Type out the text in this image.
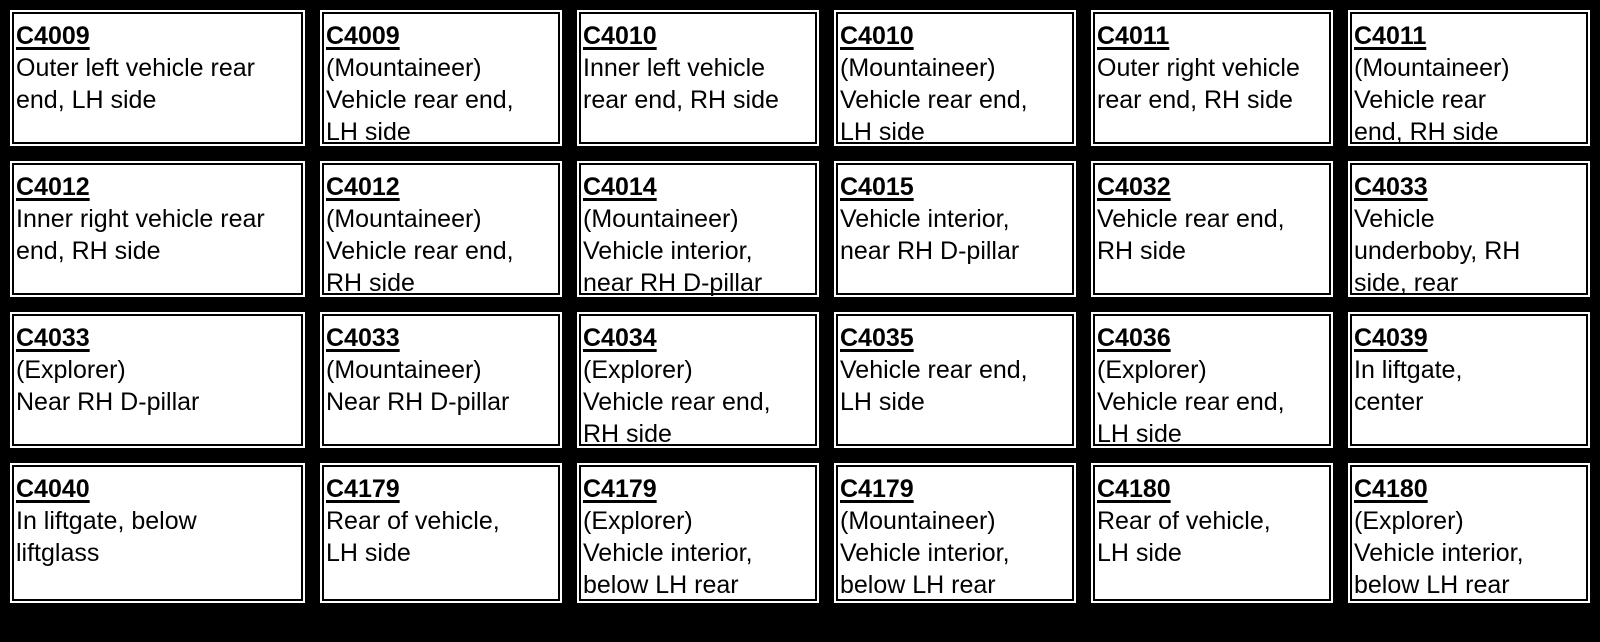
C4009
Outer left vehicle rear
end, LH side
C4009
(Mountaineer)
Vehicle rear end,
LH side
C4010
Inner left vehicle
rear end, RH side
C4010
(Mountaineer)
Vehicle rear end,
LH side
C4011
Outer right vehicle
rear end, RH side
C4011
(Mountaineer)
Vehicle rear
end, RH side
C4012
Inner right vehicle rear
end, RH side
C4012
(Mountaineer)
Vehicle rear end,
RH side
C4014
(Mountaineer)
Vehicle interior,
near RH D-pillar
C4015
Vehicle interior,
near RH D-pillar
C4032
Vehicle rear end,
RH side
C4033
Vehicle
underboby, RH
side, rear
C4033
(Explorer)
Near RH D-pillar
C4033
(Mountaineer)
Near RH D-pillar
C4034
(Explorer)
Vehicle rear end,
RH side
C4035
Vehicle rear end,
LH side
C4036
(Explorer)
Vehicle rear end,
LH side
C4039
In liftgate,
center
C4040
In liftgate, below
liftglass
C4179
Rear of vehicle,
LH side
C4179
(Explorer)
Vehicle interior,
below LH rear
quarter window
C4179
(Mountaineer)
Vehicle interior,
below LH rear
quarter window
C4180
Rear of vehicle,
LH side
C4180
(Explorer)
Vehicle interior,
below LH rear
quarter window
